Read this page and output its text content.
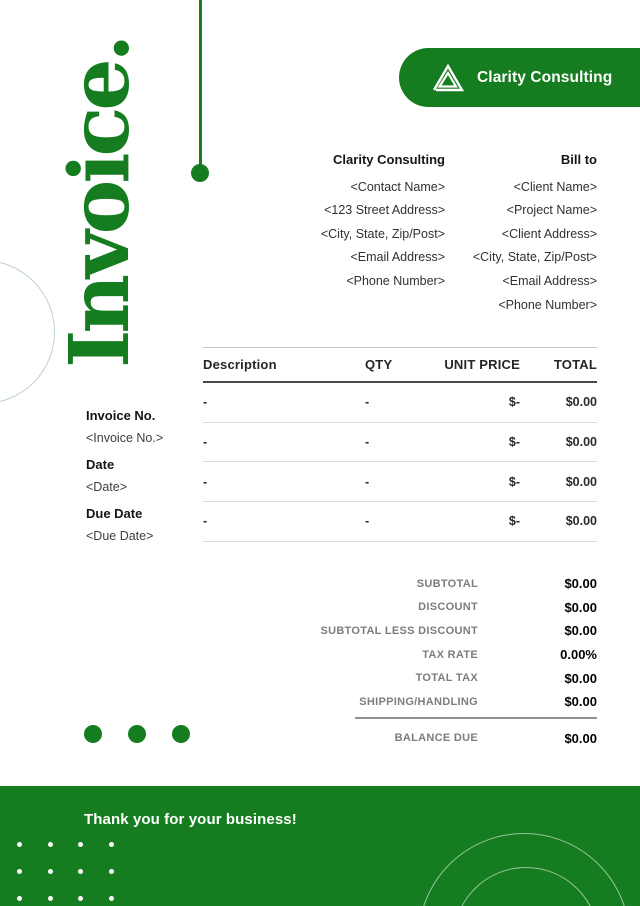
Invoice.	Clarity Consulting
Clarity Consulting
<Contact Name>
<123 Street Address>
<City, State, Zip/Post>
<Email Address>
<Phone Number>
Bill to
<Client Name>
<Project Name>
<Client Address>
<City, State, Zip/Post>
<Email Address>
<Phone Number>
Invoice No.
<Invoice No.>
Date
<Date>
Due Date
<Due Date>
Description	QTY	UNIT PRICE	TOTAL
-	-	$-	$0.00
-	-	$-	$0.00
-	-	$-	$0.00
-	-	$-	$0.00
SUBTOTAL	$0.00
DISCOUNT	$0.00
SUBTOTAL LESS DISCOUNT	$0.00
TAX RATE	0.00%
TOTAL TAX	$0.00
SHIPPING/HANDLING	$0.00
BALANCE DUE	$0.00
Thank you for your business!
